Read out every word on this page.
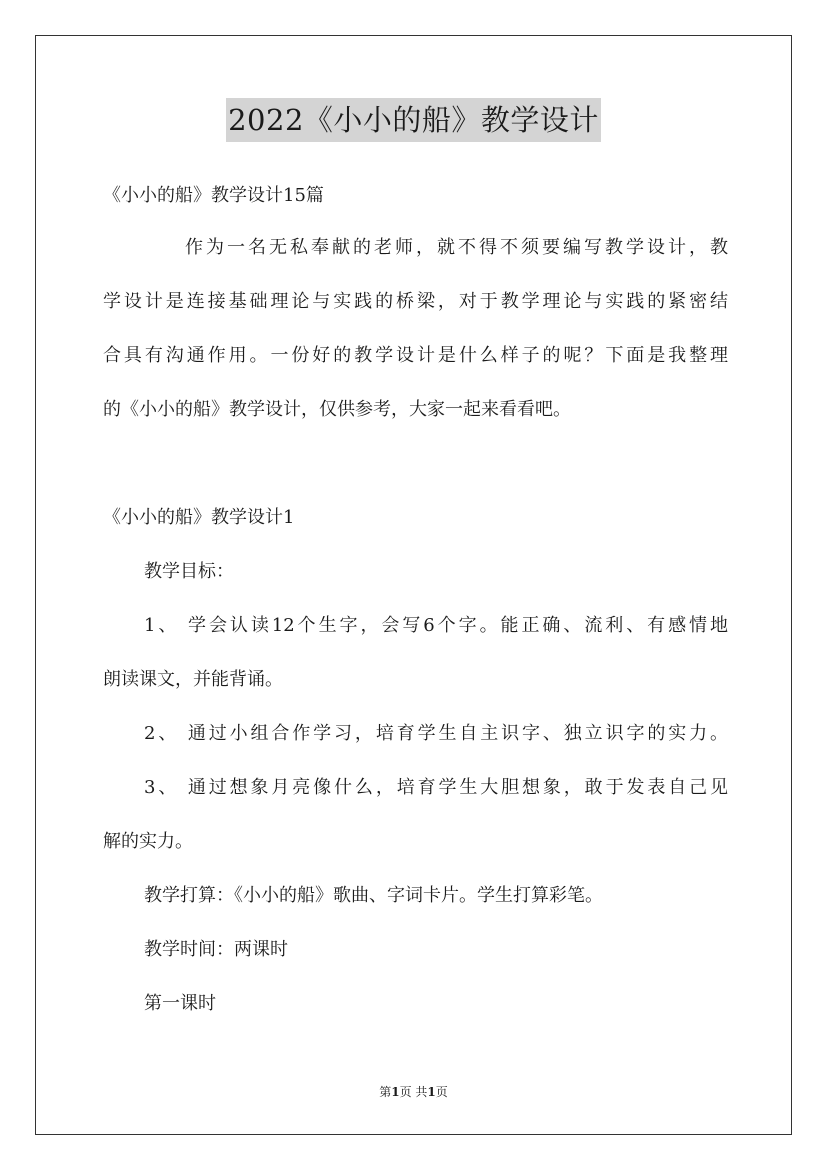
2022《小小的船》教学设计
《小小的船》教学设计15篇
作为一名无私奉献的老师，就不得不须要编写教学设计，教
学设计是连接基础理论与实践的桥梁，对于教学理论与实践的紧密结
合具有沟通作用。一份好的教学设计是什么样子的呢？下面是我整理
的《小小的船》教学设计，仅供参考，大家一起来看看吧。
《小小的船》教学设计1
教学目标：
1、 学会认读12个生字，会写6个字。能正确、流利、有感情地
朗读课文，并能背诵。
2、 通过小组合作学习，培育学生自主识字、独立识字的实力。
3、 通过想象月亮像什么，培育学生大胆想象，敢于发表自己见
解的实力。
教学打算：《小小的船》歌曲、字词卡片。学生打算彩笔。
教学时间：两课时
第一课时
第1页 共1页
